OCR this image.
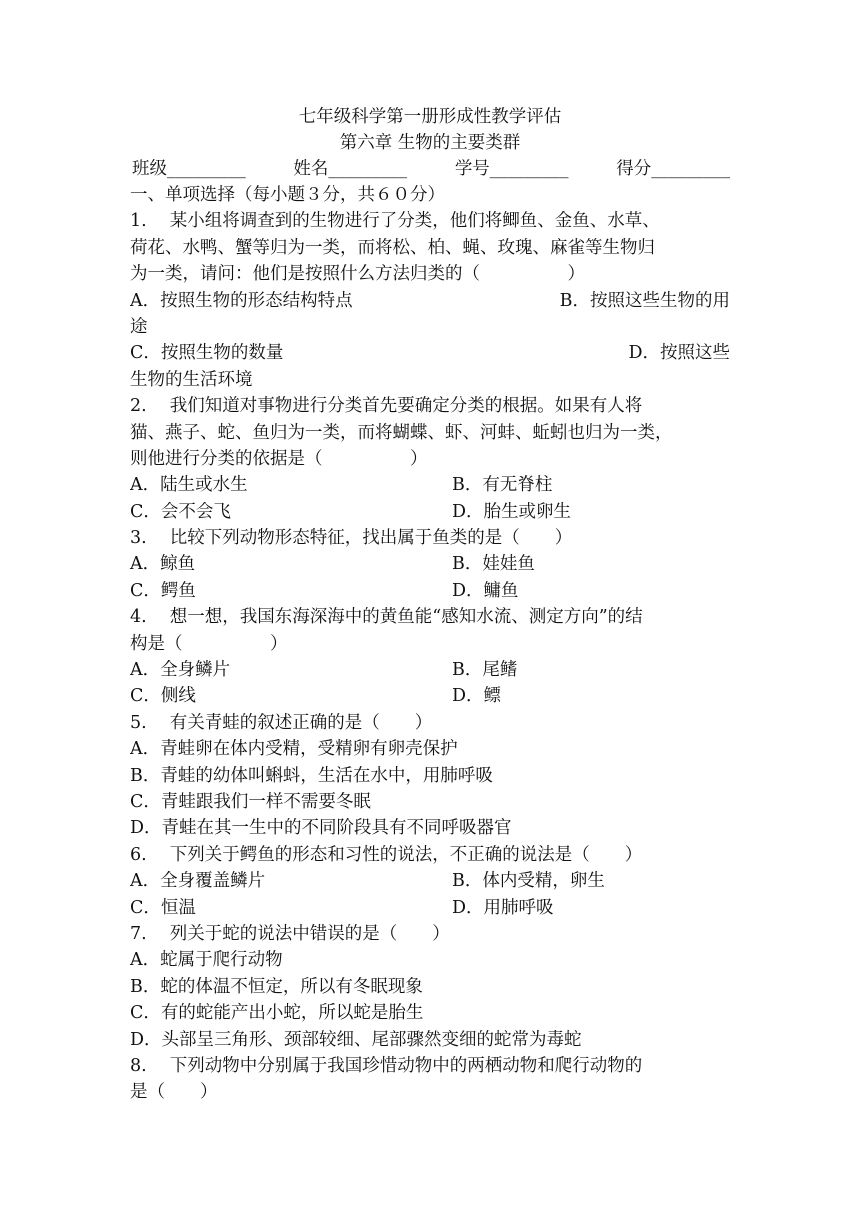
七年级科学第一册形成性教学评估
第六章 生物的主要类群
班级_________	姓名_________	学号_________	得分_________
一、单项选择（每小题３分，共６０分）
1.　 某小组将调查到的生物进行了分类，他们将鲫鱼、金鱼、水草、
荷花、水鸭、蟹等归为一类，而将松、柏、蝇、玫瑰、麻雀等生物归
为一类，请问：他们是按照什么方法归类的（　　　　　）
A．按照生物的形态结构特点	B．按照这些生物的用
途
C．按照生物的数量	D．按照这些
生物的生活环境
2.　 我们知道对事物进行分类首先要确定分类的根据。如果有人将
猫、燕子、蛇、鱼归为一类，而将蝴蝶、虾、河蚌、蚯蚓也归为一类，
则他进行分类的依据是（　　　　　）
A．陆生或水生	B．有无脊柱
C．会不会飞	D．胎生或卵生
3.　 比较下列动物形态特征，找出属于鱼类的是（　　）
A．鲸鱼	B．娃娃鱼
C．鳄鱼	D．鳙鱼
4.　 想一想，我国东海深海中的黄鱼能“感知水流、测定方向”的结
构是（　　　　　）
A．全身鳞片	B．尾鳍
C．侧线	D．鳔
5.　 有关青蛙的叙述正确的是（　　）
A．青蛙卵在体内受精，受精卵有卵壳保护
B．青蛙的幼体叫蝌蚪，生活在水中，用肺呼吸
C．青蛙跟我们一样不需要冬眠
D．青蛙在其一生中的不同阶段具有不同呼吸器官
6.　 下列关于鳄鱼的形态和习性的说法，不正确的说法是（　　）
A．全身覆盖鳞片	B．体内受精，卵生
C．恒温	D．用肺呼吸
7.　 列关于蛇的说法中错误的是（　　）
A．蛇属于爬行动物
B．蛇的体温不恒定，所以有冬眠现象
C．有的蛇能产出小蛇，所以蛇是胎生
D．头部呈三角形、颈部较细、尾部骤然变细的蛇常为毒蛇
8.　 下列动物中分别属于我国珍惜动物中的两栖动物和爬行动物的
是（　　）
